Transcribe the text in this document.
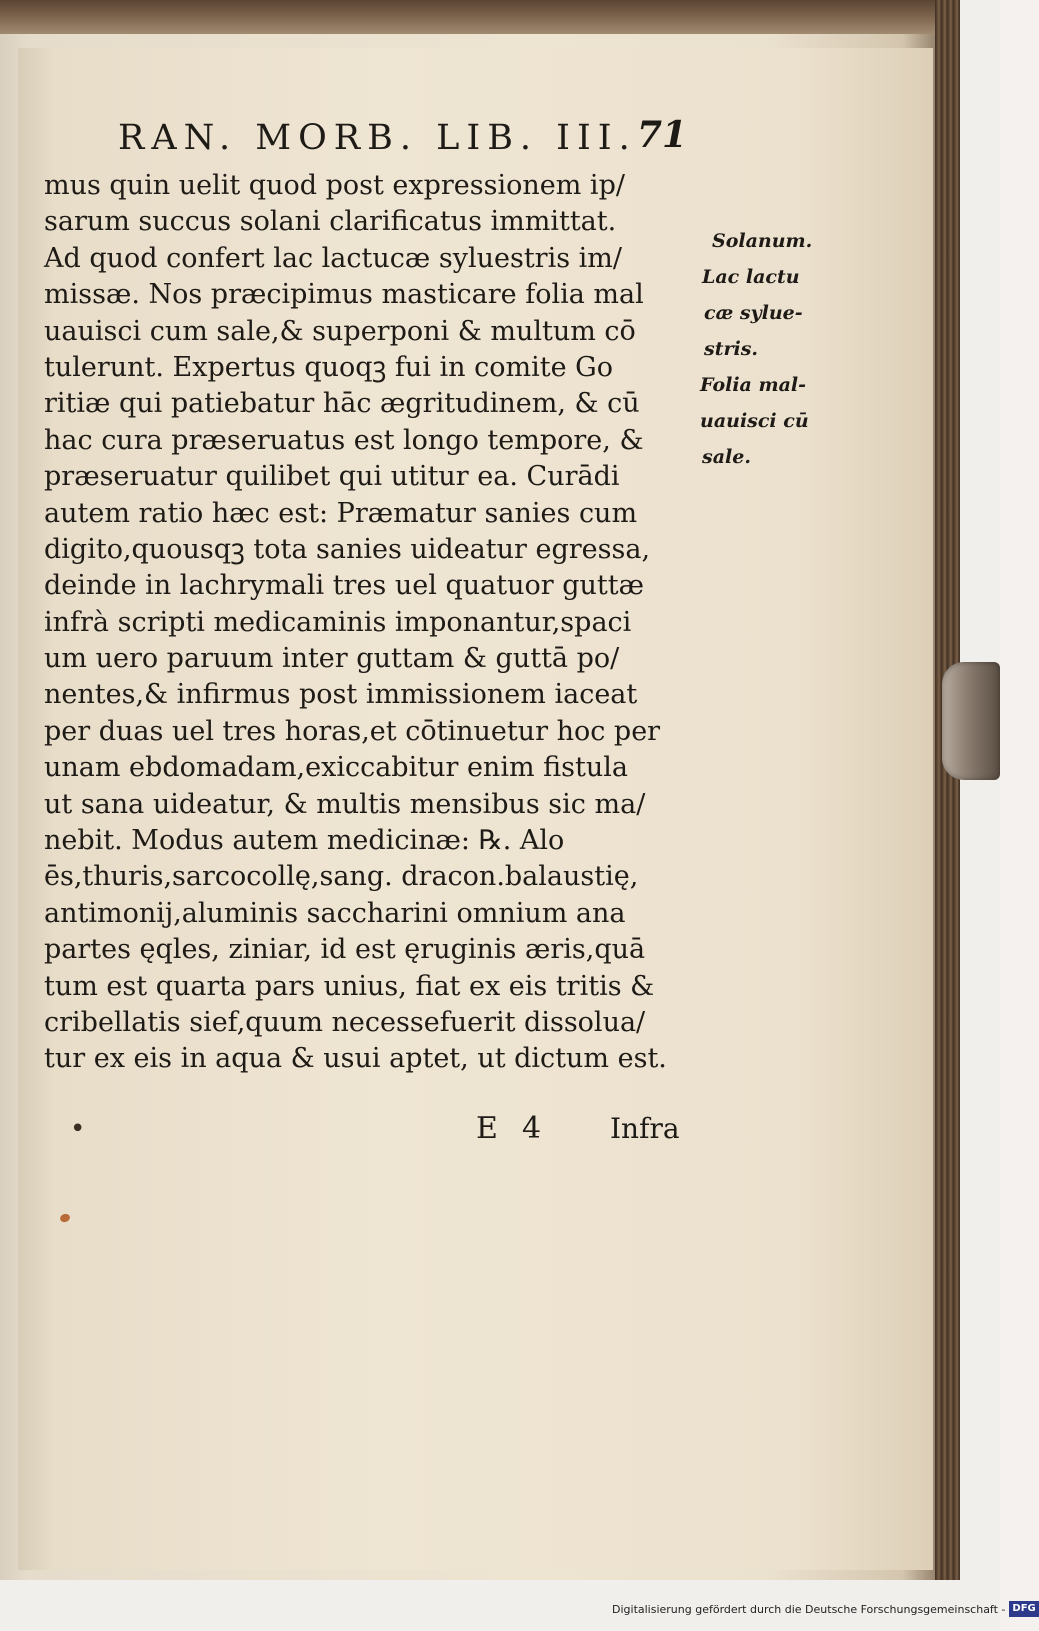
RAN. MORB. LIB. III. 71
mus quin uelit quod post expressionem ip/
sarum succus solani clarificatus immittat.
Ad quod confert lac lactucæ syluestris im/
missæ. Nos præcipimus masticare folia mal
uauisci cum sale,& superponi & multum cō
tulerunt. Expertus quoqꝫ fui in comite Go
ritiæ qui patiebatur hāc ægritudinem, & cū
hac cura præseruatus est longo tempore, &
præseruatur quilibet qui utitur ea. Curādi
autem ratio hæc est: Præmatur sanies cum
digito,quousqꝫ tota sanies uideatur egressa,
deinde in lachrymali tres uel quatuor guttæ
infrà scripti medicaminis imponantur,spaci
um uero paruum inter guttam & guttā po/
nentes,& infirmus post immissionem iaceat
per duas uel tres horas,et cōtinuetur hoc per
unam ebdomadam,exiccabitur enim fistula
ut sana uideatur, & multis mensibus sic ma/
nebit. Modus autem medicinæ: ℞. Alo
ēs,thuris,sarcocollę,sang. dracon.balaustię,
antimonij,aluminis saccharini omnium ana
partes ęqles, ziniar, id est ęruginis æris,quā
tum est quarta pars unius, fiat ex eis tritis &
cribellatis sief,quum necessefuerit dissolua/
tur ex eis in aqua & usui aptet, ut dictum est.
Solanum.
Lac lactu
cæ sylue-
stris.
Folia mal-
uauisci cū
sale.
•	E 4 Infra
Digitalisierung gefördert durch die Deutsche Forschungsgemeinschaft - DFG
